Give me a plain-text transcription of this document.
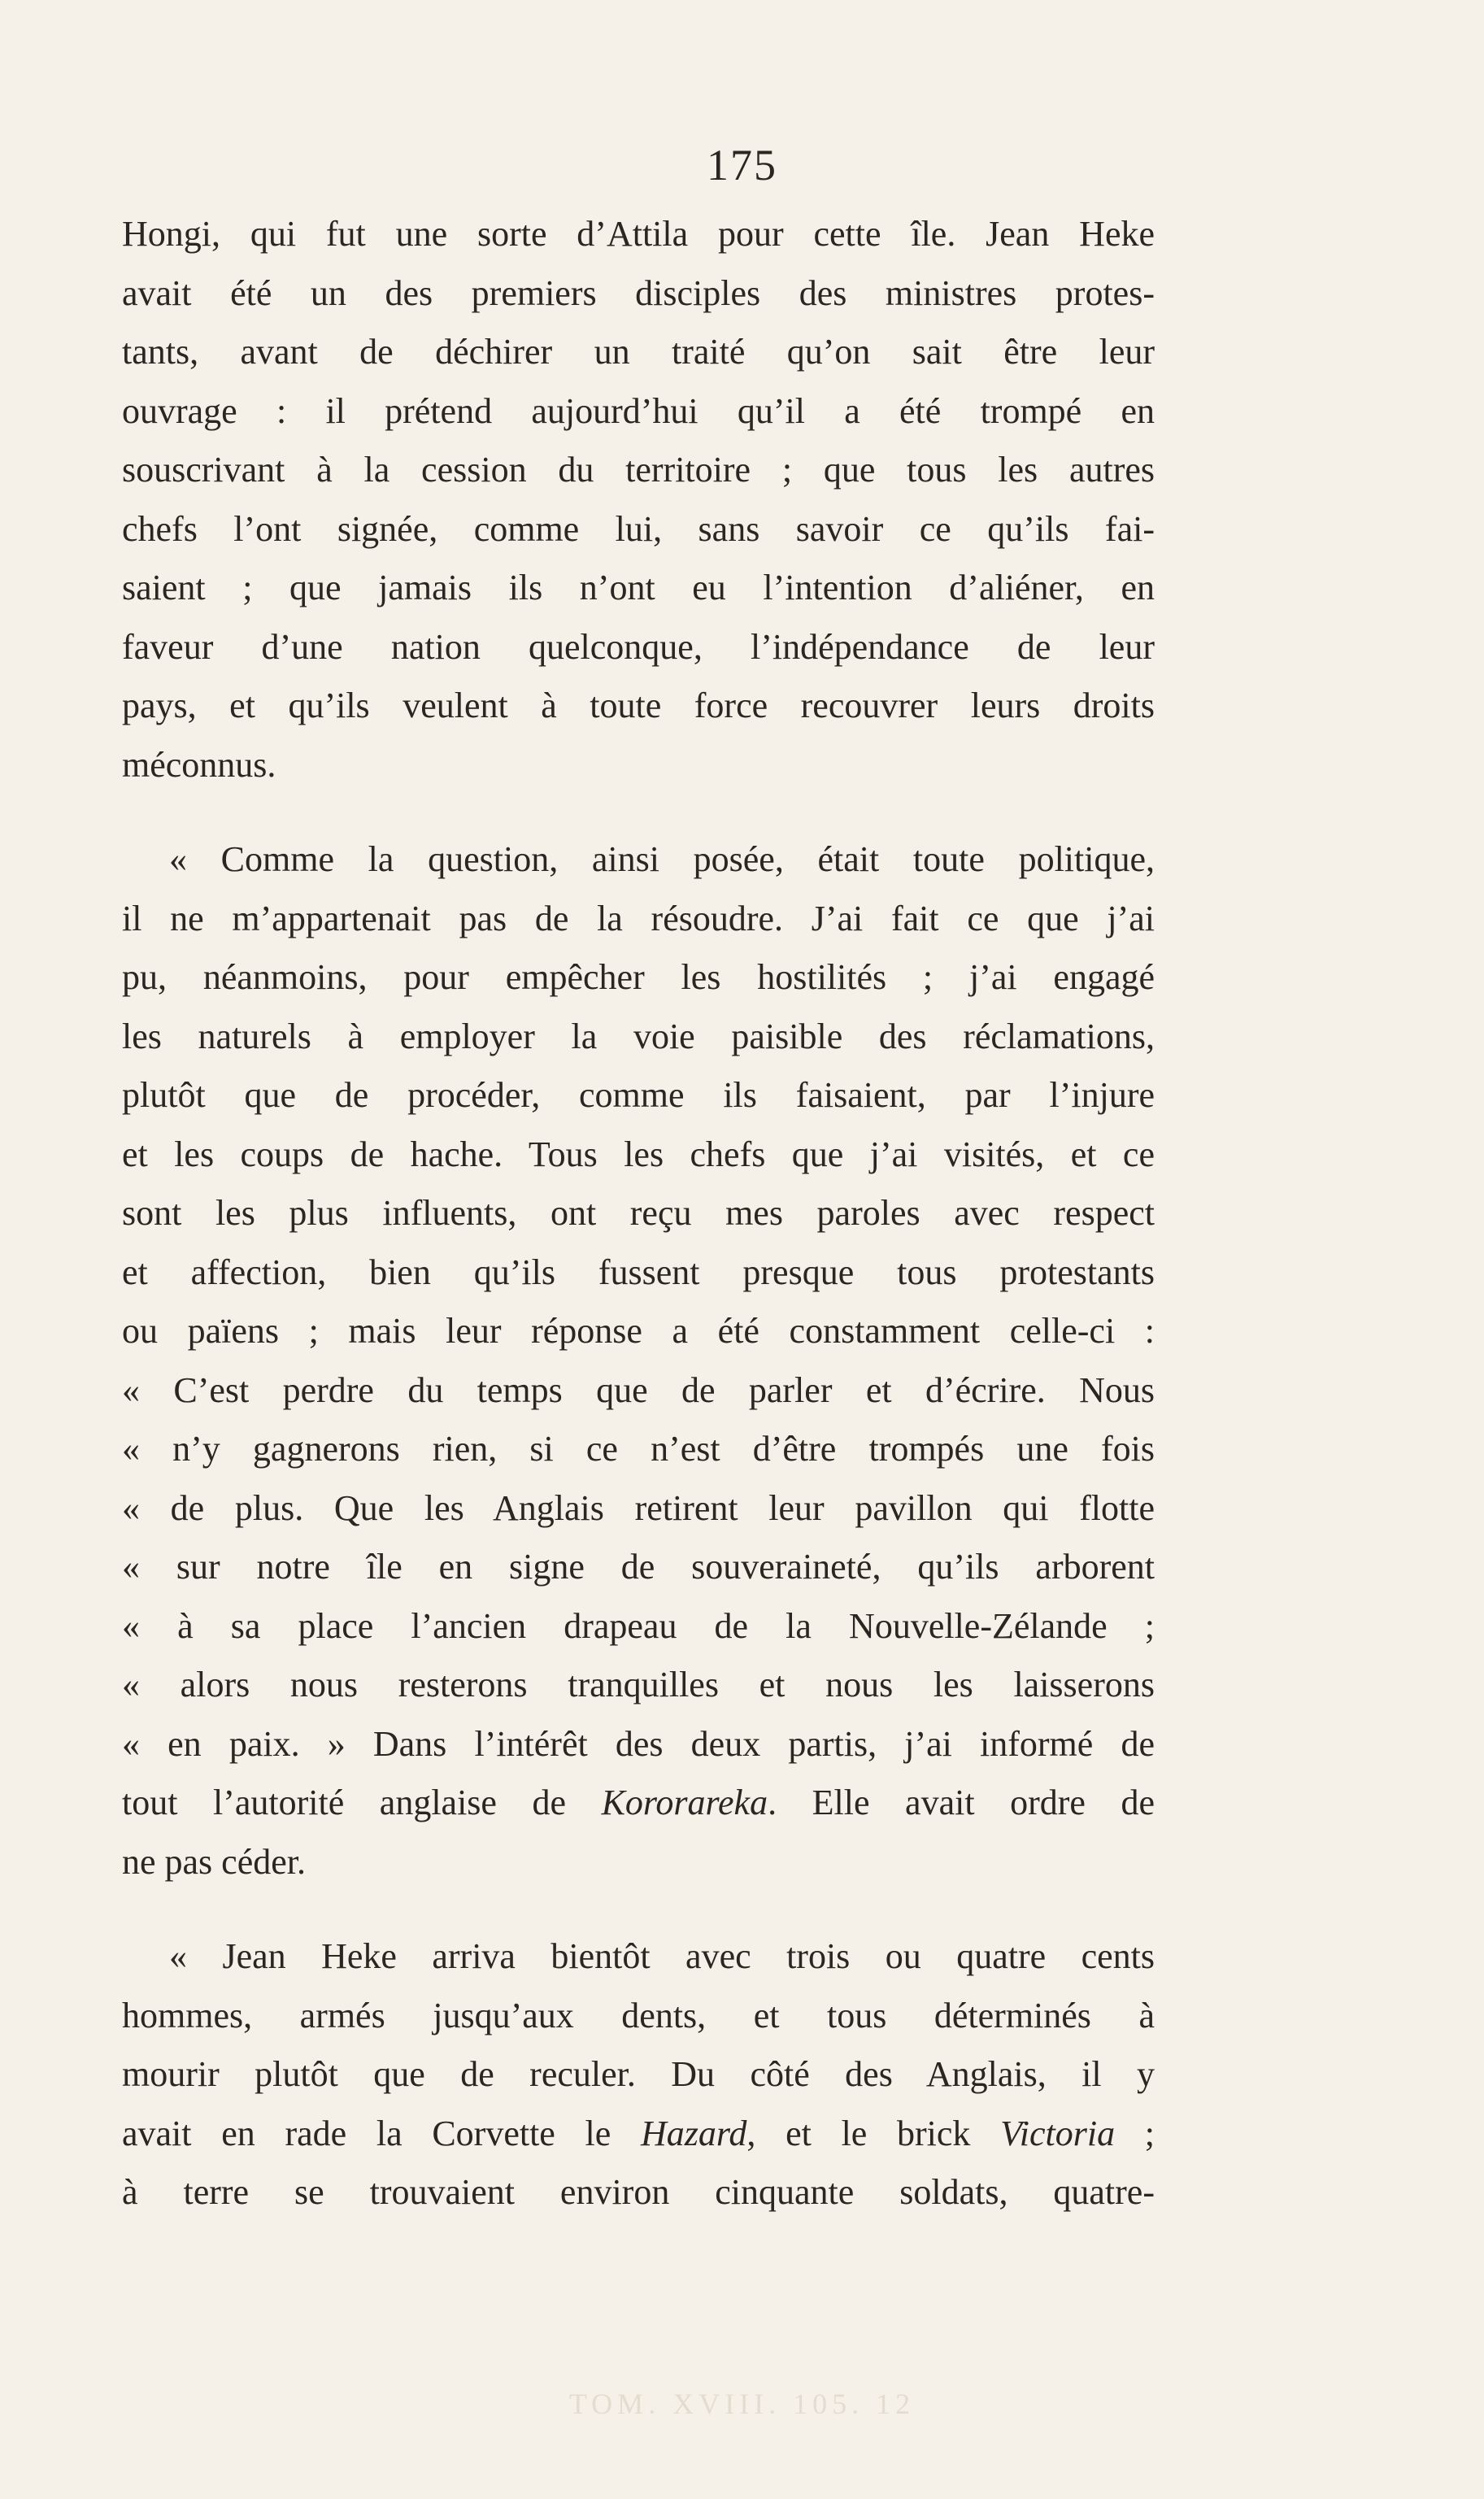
175
Hongi, qui fut une sorte d’Attila pour cette île. Jean Heke
avait été un des premiers disciples des ministres protes-
tants, avant de déchirer un traité qu’on sait être leur
ouvrage : il prétend aujourd’hui qu’il a été trompé en
souscrivant à la cession du territoire ; que tous les autres
chefs l’ont signée, comme lui, sans savoir ce qu’ils fai-
saient ; que jamais ils n’ont eu l’intention d’aliéner, en
faveur d’une nation quelconque, l’indépendance de leur
pays, et qu’ils veulent à toute force recouvrer leurs droits
méconnus.
« Comme la question, ainsi posée, était toute politique,
il ne m’appartenait pas de la résoudre. J’ai fait ce que j’ai
pu, néanmoins, pour empêcher les hostilités ; j’ai engagé
les naturels à employer la voie paisible des réclamations,
plutôt que de procéder, comme ils faisaient, par l’injure
et les coups de hache. Tous les chefs que j’ai visités, et ce
sont les plus influents, ont reçu mes paroles avec respect
et affection, bien qu’ils fussent presque tous protestants
ou païens ; mais leur réponse a été constamment celle-ci :
« C’est perdre du temps que de parler et d’écrire. Nous
« n’y gagnerons rien, si ce n’est d’être trompés une fois
« de plus. Que les Anglais retirent leur pavillon qui flotte
« sur notre île en signe de souveraineté, qu’ils arborent
« à sa place l’ancien drapeau de la Nouvelle-Zélande ;
« alors nous resterons tranquilles et nous les laisserons
« en paix. » Dans l’intérêt des deux partis, j’ai informé de
tout l’autorité anglaise de Kororareka. Elle avait ordre de
ne pas céder.
« Jean Heke arriva bientôt avec trois ou quatre cents
hommes, armés jusqu’aux dents, et tous déterminés à
mourir plutôt que de reculer. Du côté des Anglais, il y
avait en rade la Corvette le Hazard, et le brick Victoria ;
à terre se trouvaient environ cinquante soldats, quatre-
TOM. XVIII. 105. 12
